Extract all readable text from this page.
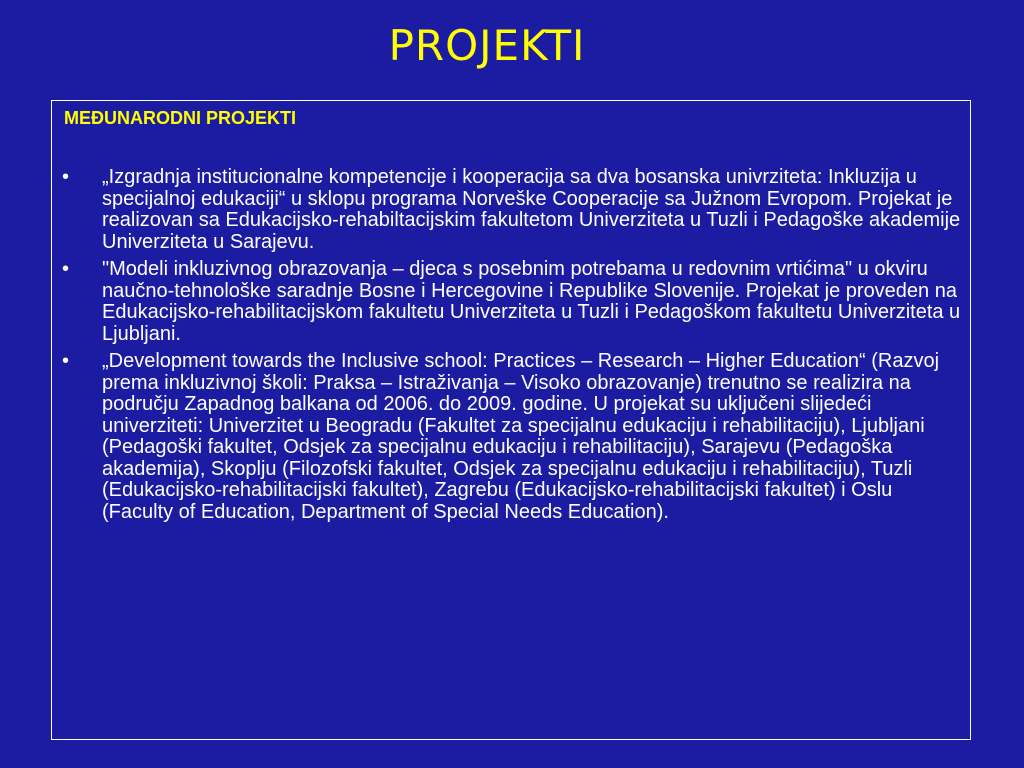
PROJEKTI
MEĐUNARODNI PROJEKTI
• „Izgradnja institucionalne kompetencije i kooperacija sa dva bosanska univrziteta: Inkluzija u specijalnoj edukaciji“ u sklopu programa Norveške Cooperacije sa Južnom Evropom. Projekat je realizovan sa Edukacijsko-rehabiltacijskim fakultetom Univerziteta u Tuzli i Pedagoške akademije Univerziteta u Sarajevu.
• "Modeli inkluzivnog obrazovanja – djeca s posebnim potrebama u redovnim vrtićima" u okviru naučno-tehnološke saradnje Bosne i Hercegovine i Republike Slovenije. Projekat je proveden na Edukacijsko-rehabilitacijskom fakultetu Univerziteta u Tuzli i Pedagoškom fakultetu Univerziteta u Ljubljani.
• „Development towards the Inclusive school: Practices – Research – Higher Education“ (Razvoj prema inkluzivnoj školi: Praksa – Istraživanja – Visoko obrazovanje) trenutno se realizira na području Zapadnog balkana od 2006. do 2009. godine. U projekat su uključeni slijedeći univerziteti: Univerzitet u Beogradu (Fakultet za specijalnu edukaciju i rehabilitaciju), Ljubljani (Pedagoški fakultet, Odsjek za specijalnu edukaciju i rehabilitaciju), Sarajevu (Pedagoška akademija), Skoplju (Filozofski fakultet, Odsjek za specijalnu edukaciju i rehabilitaciju), Tuzli (Edukacijsko-rehabilitacijski fakultet), Zagrebu (Edukacijsko-rehabilitacijski fakultet) i Oslu (Faculty of Education, Department of Special Needs Education).
